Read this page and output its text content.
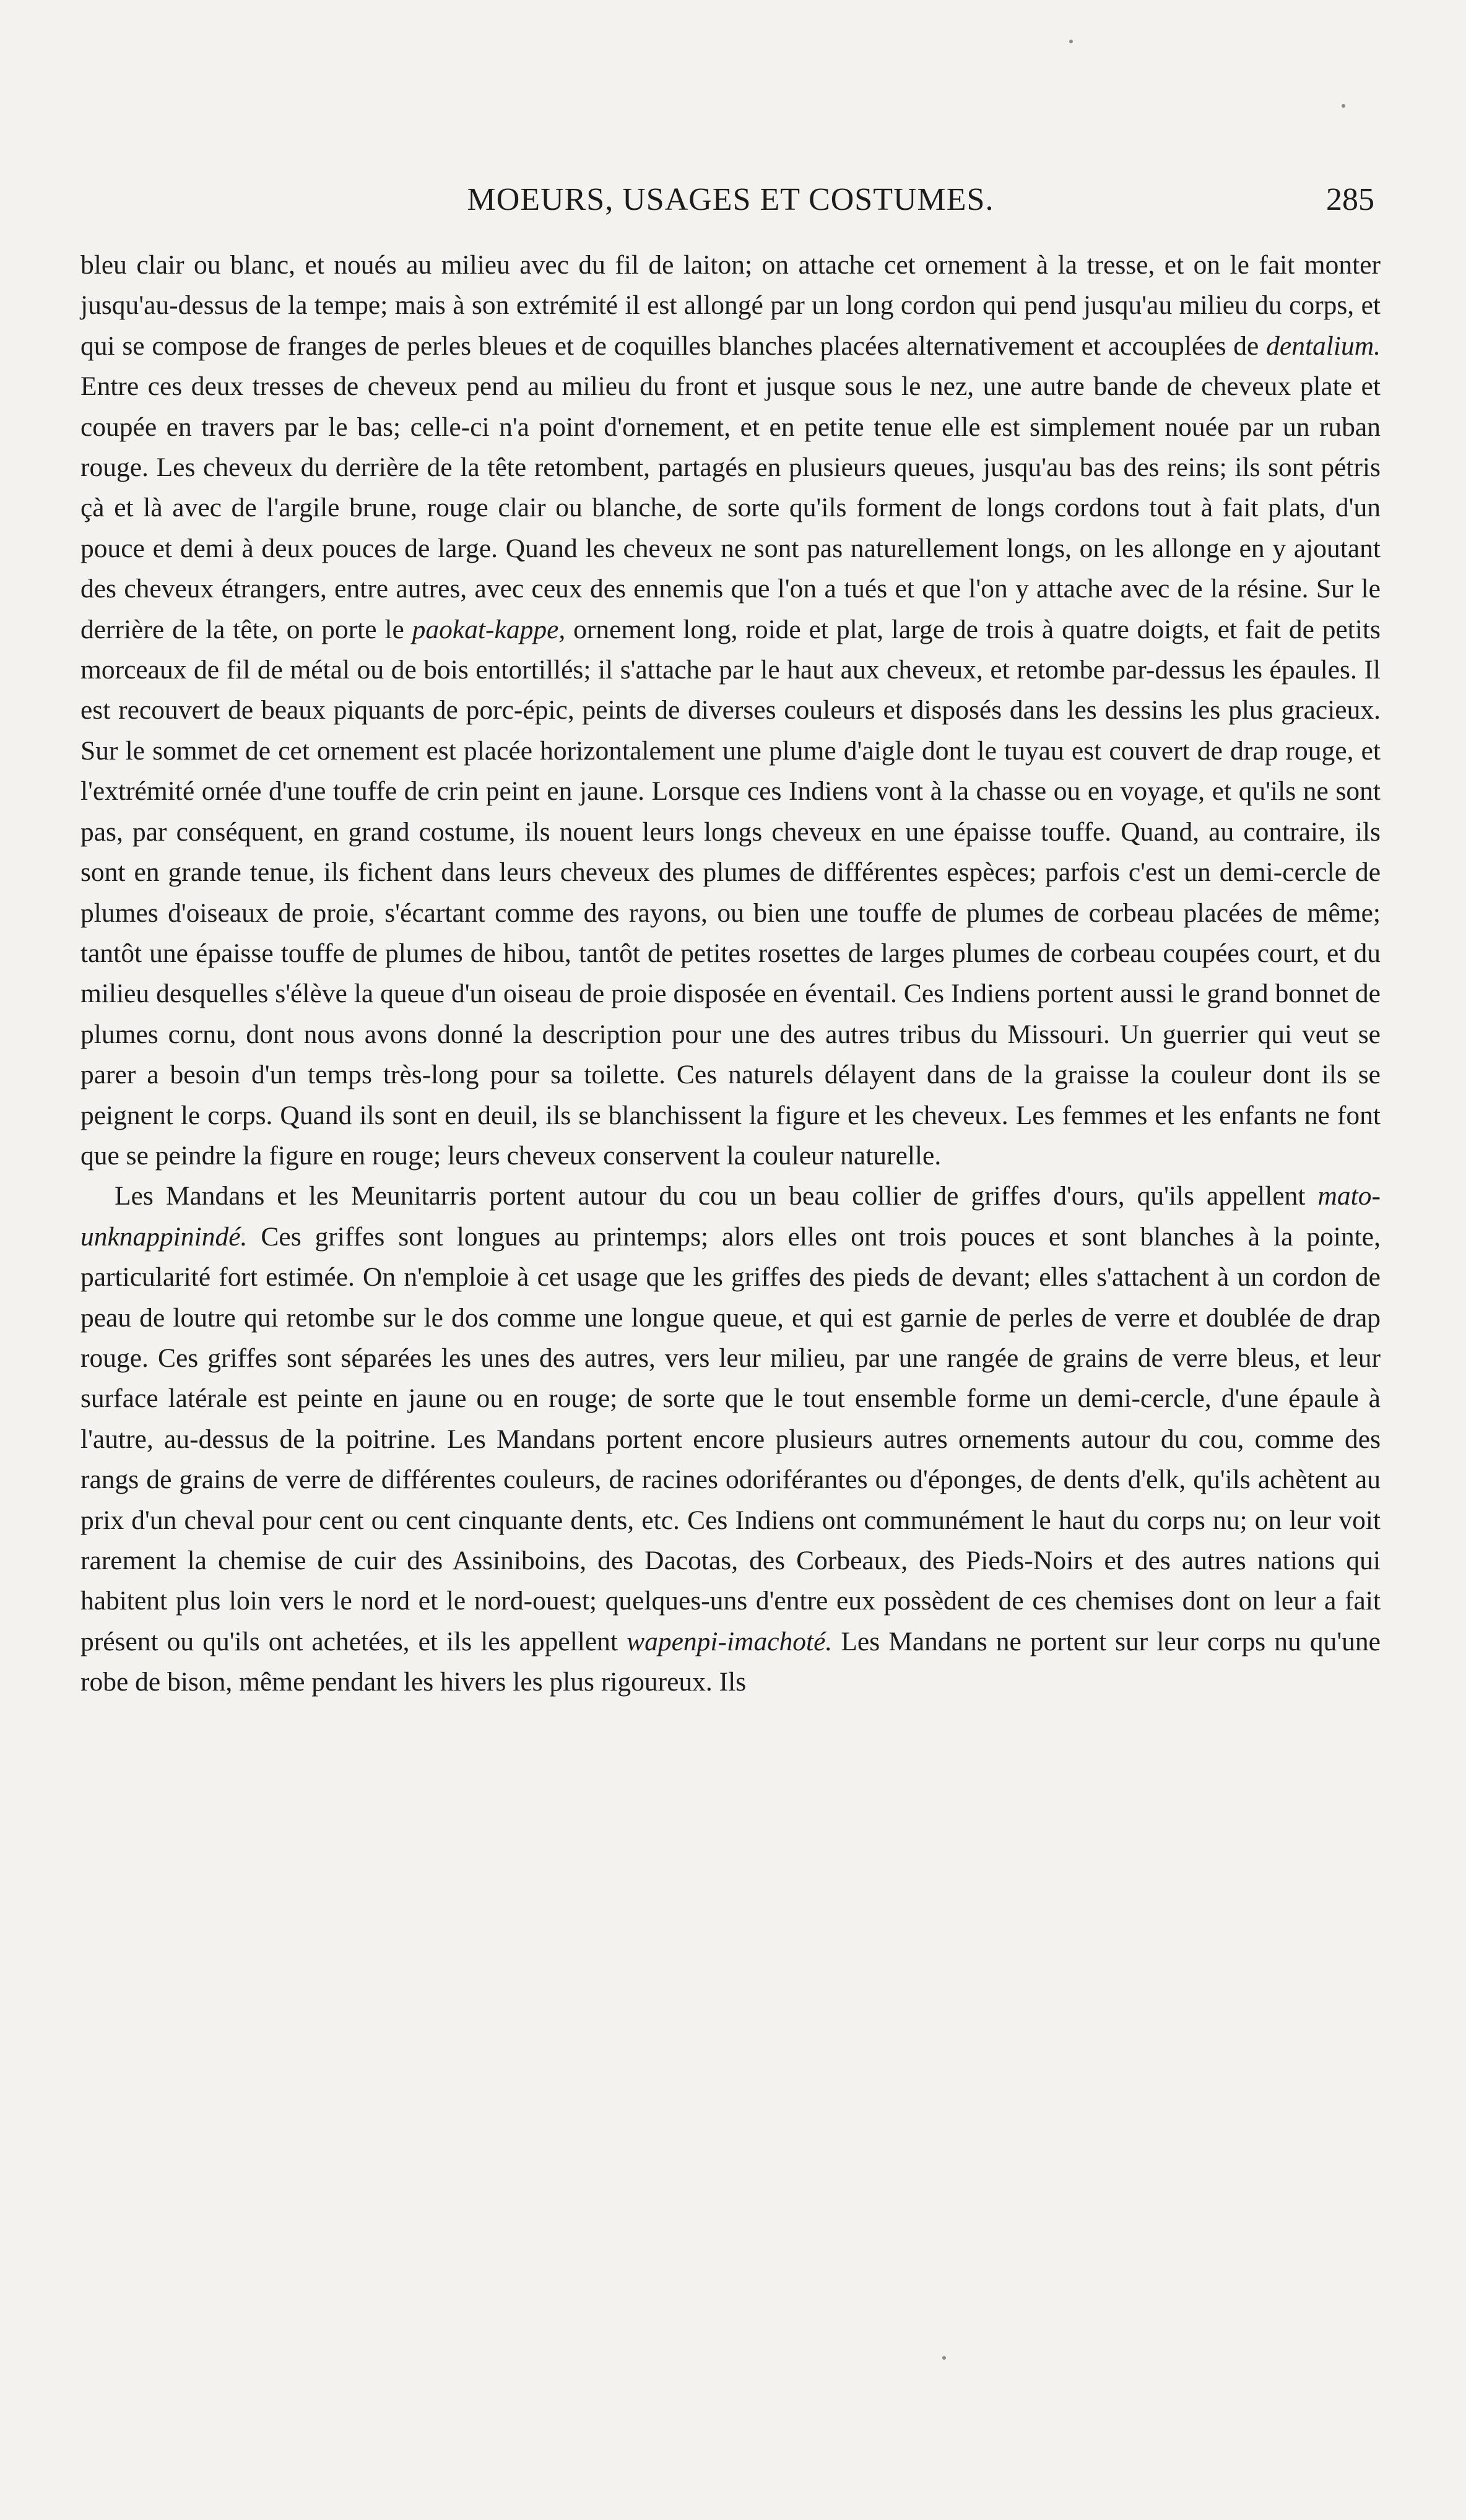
MOEURS, USAGES ET COSTUMES.	285

bleu clair ou blanc, et noués au milieu avec du fil de laiton; on attache cet ornement à la tresse, et on le fait monter jusqu'au-dessus de la tempe; mais à son extrémité il est allongé par un long cordon qui pend jusqu'au milieu du corps, et qui se compose de franges de perles bleues et de coquilles blanches placées alternativement et accouplées de dentalium. Entre ces deux tresses de cheveux pend au milieu du front et jusque sous le nez, une autre bande de cheveux plate et coupée en travers par le bas; celle-ci n'a point d'ornement, et en petite tenue elle est simplement nouée par un ruban rouge. Les cheveux du derrière de la tête retombent, partagés en plusieurs queues, jusqu'au bas des reins; ils sont pétris çà et là avec de l'argile brune, rouge clair ou blanche, de sorte qu'ils forment de longs cordons tout à fait plats, d'un pouce et demi à deux pouces de large. Quand les cheveux ne sont pas naturellement longs, on les allonge en y ajoutant des cheveux étrangers, entre autres, avec ceux des ennemis que l'on a tués et que l'on y attache avec de la résine. Sur le derrière de la tête, on porte le paokat-kappe, ornement long, roide et plat, large de trois à quatre doigts, et fait de petits morceaux de fil de métal ou de bois entortillés; il s'attache par le haut aux cheveux, et retombe par-dessus les épaules. Il est recouvert de beaux piquants de porc-épic, peints de diverses couleurs et disposés dans les dessins les plus gracieux. Sur le sommet de cet ornement est placée horizontalement une plume d'aigle dont le tuyau est couvert de drap rouge, et l'extrémité ornée d'une touffe de crin peint en jaune. Lorsque ces Indiens vont à la chasse ou en voyage, et qu'ils ne sont pas, par conséquent, en grand costume, ils nouent leurs longs cheveux en une épaisse touffe. Quand, au contraire, ils sont en grande tenue, ils fichent dans leurs cheveux des plumes de différentes espèces; parfois c'est un demi-cercle de plumes d'oiseaux de proie, s'écartant comme des rayons, ou bien une touffe de plumes de corbeau placées de même; tantôt une épaisse touffe de plumes de hibou, tantôt de petites rosettes de larges plumes de corbeau coupées court, et du milieu desquelles s'élève la queue d'un oiseau de proie disposée en éventail. Ces Indiens portent aussi le grand bonnet de plumes cornu, dont nous avons donné la description pour une des autres tribus du Missouri. Un guerrier qui veut se parer a besoin d'un temps très-long pour sa toilette. Ces naturels délayent dans de la graisse la couleur dont ils se peignent le corps. Quand ils sont en deuil, ils se blanchissent la figure et les cheveux. Les femmes et les enfants ne font que se peindre la figure en rouge; leurs cheveux conservent la couleur naturelle.

Les Mandans et les Meunitarris portent autour du cou un beau collier de griffes d'ours, qu'ils appellent mato-unknappinindé. Ces griffes sont longues au printemps; alors elles ont trois pouces et sont blanches à la pointe, particularité fort estimée. On n'emploie à cet usage que les griffes des pieds de devant; elles s'attachent à un cordon de peau de loutre qui retombe sur le dos comme une longue queue, et qui est garnie de perles de verre et doublée de drap rouge. Ces griffes sont séparées les unes des autres, vers leur milieu, par une rangée de grains de verre bleus, et leur surface latérale est peinte en jaune ou en rouge; de sorte que le tout ensemble forme un demi-cercle, d'une épaule à l'autre, au-dessus de la poitrine. Les Mandans portent encore plusieurs autres ornements autour du cou, comme des rangs de grains de verre de différentes couleurs, de racines odoriférantes ou d'éponges, de dents d'elk, qu'ils achètent au prix d'un cheval pour cent ou cent cinquante dents, etc. Ces Indiens ont communément le haut du corps nu; on leur voit rarement la chemise de cuir des Assiniboins, des Dacotas, des Corbeaux, des Pieds-Noirs et des autres nations qui habitent plus loin vers le nord et le nord-ouest; quelques-uns d'entre eux possèdent de ces chemises dont on leur a fait présent ou qu'ils ont achetées, et ils les appellent wapenpi-imachoté. Les Mandans ne portent sur leur corps nu qu'une robe de bison, même pendant les hivers les plus rigoureux. Ils
